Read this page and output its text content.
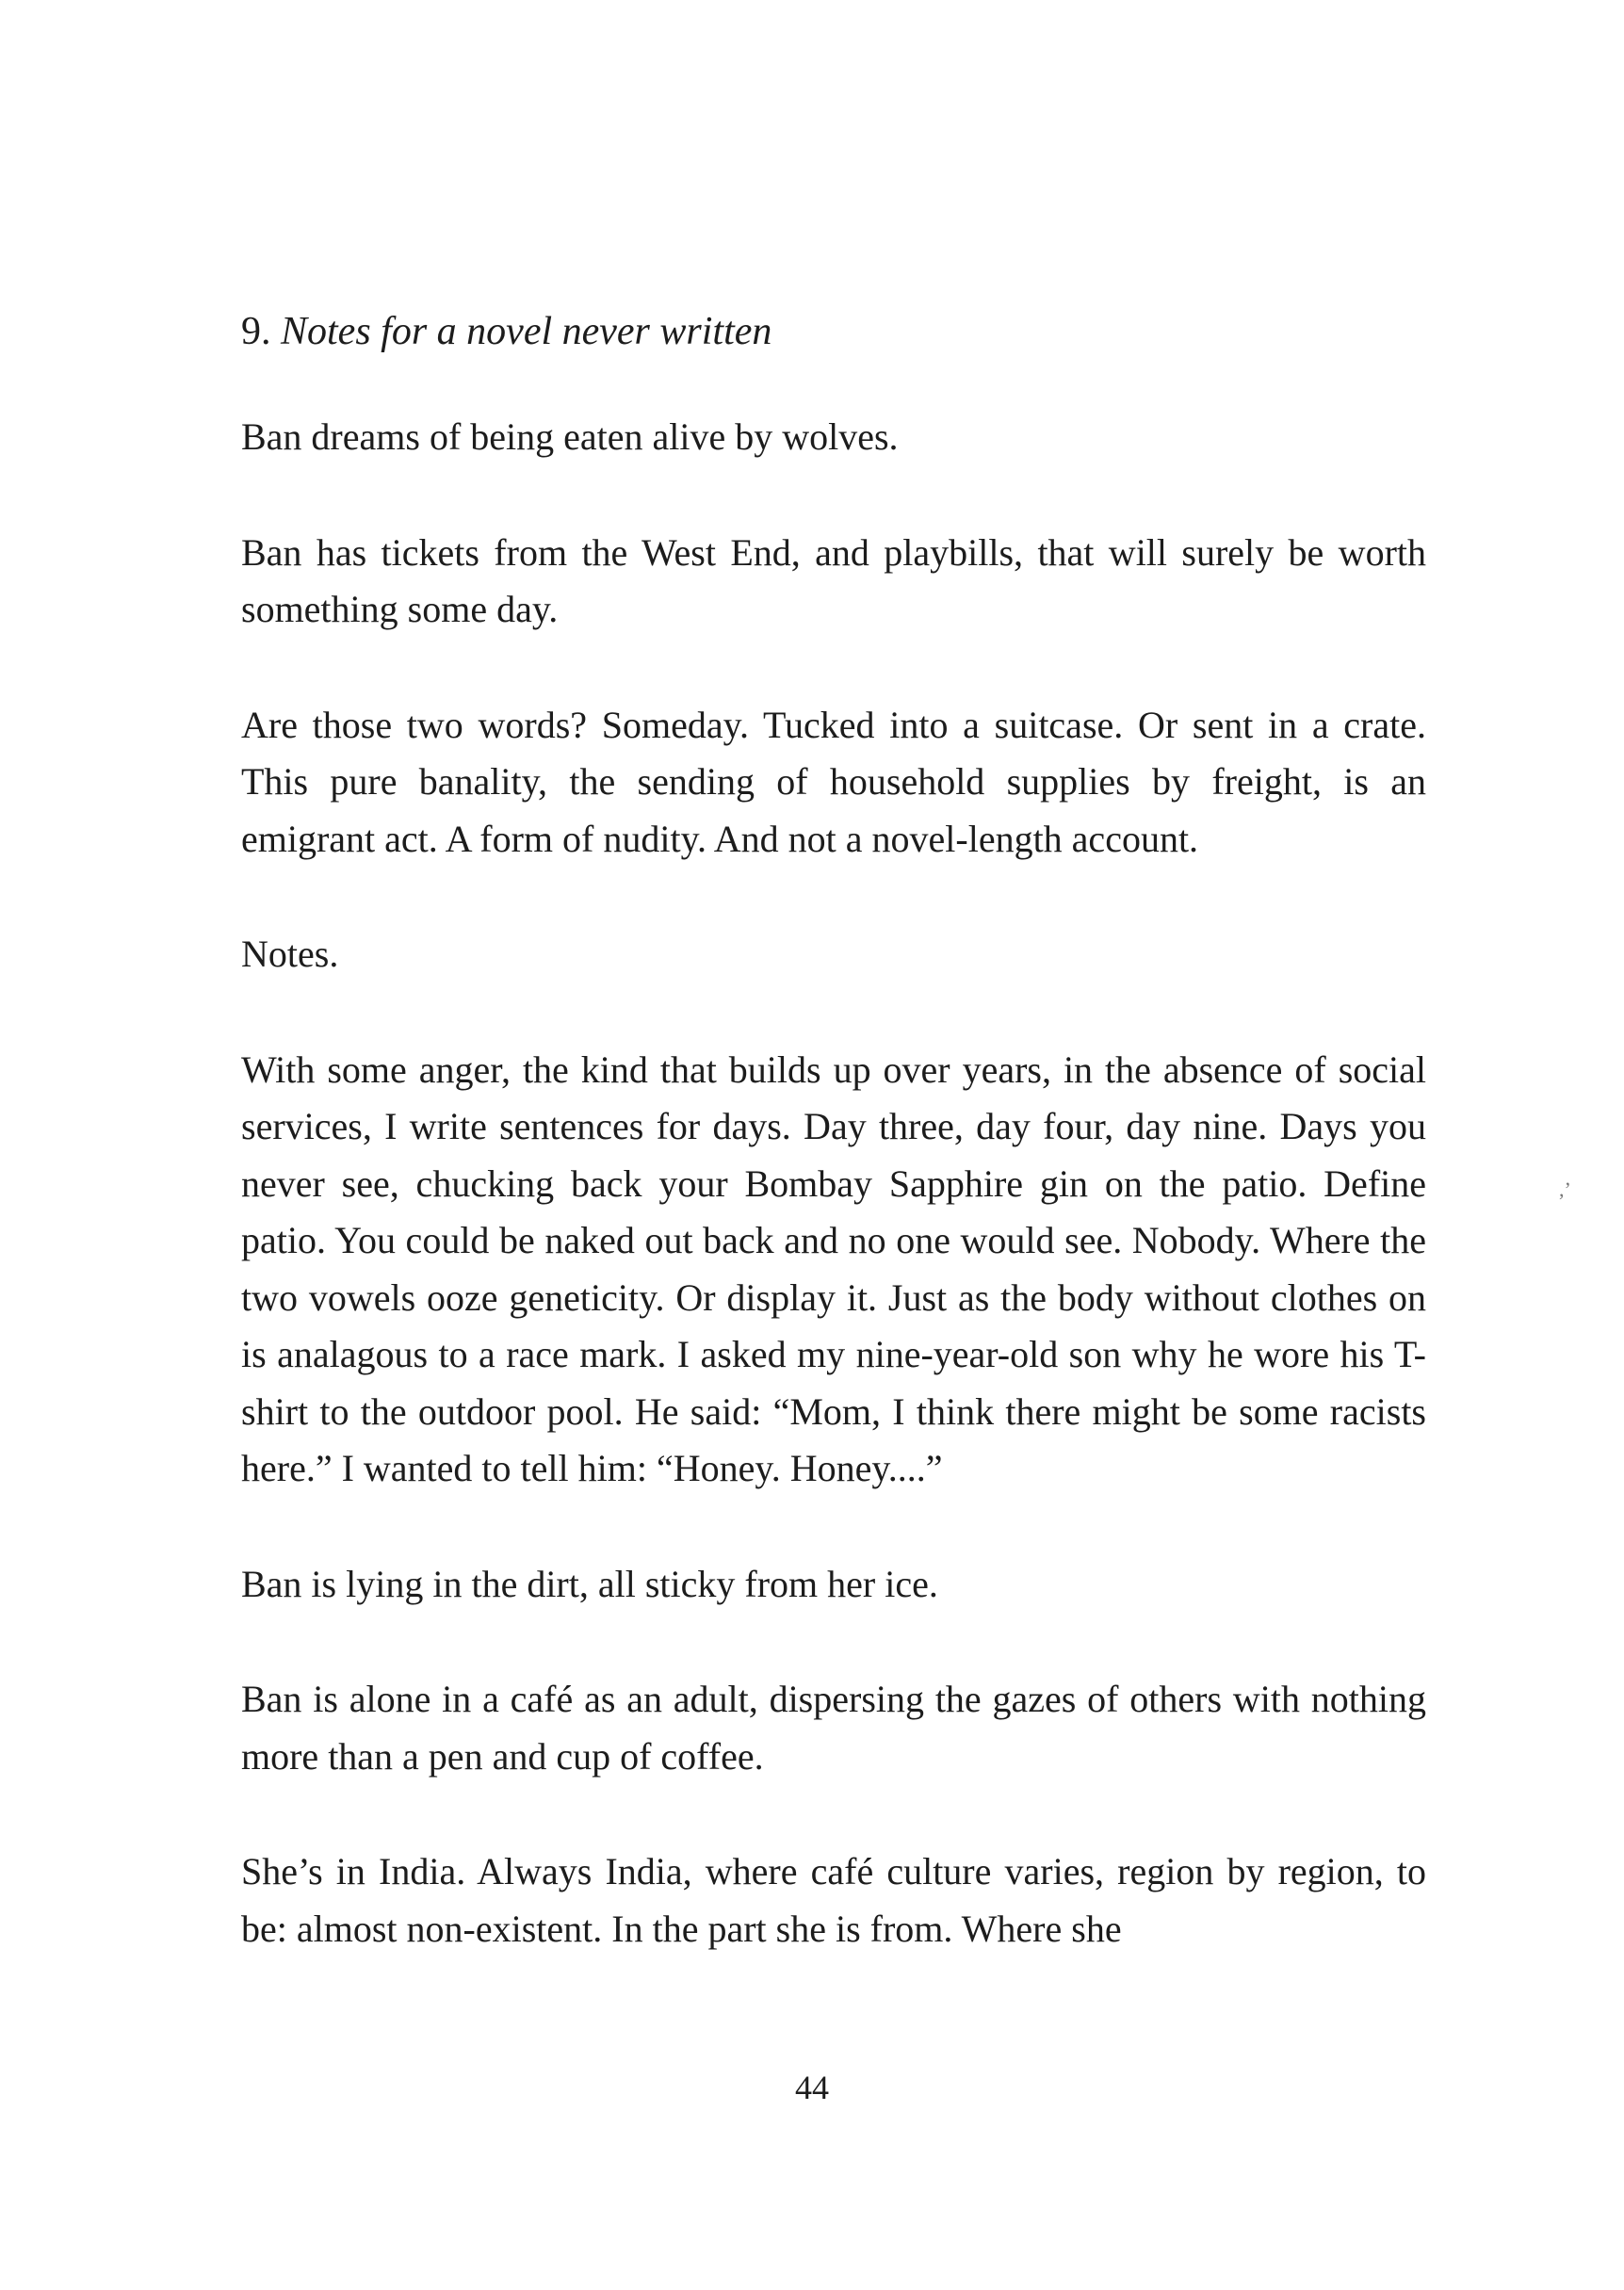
9. Notes for a novel never written

Ban dreams of being eaten alive by wolves.

Ban has tickets from the West End, and playbills, that will surely be worth something some day.

Are those two words? Someday. Tucked into a suitcase. Or sent in a crate. This pure banality, the sending of household supplies by freight, is an emigrant act. A form of nudity. And not a novel-length account.

Notes.

With some anger, the kind that builds up over years, in the absence of social services, I write sentences for days. Day three, day four, day nine. Days you never see, chucking back your Bombay Sapphire gin on the patio. Define patio. You could be naked out back and no one would see. Nobody. Where the two vowels ooze geneticity. Or display it. Just as the body without clothes on is analagous to a race mark. I asked my nine-year-old son why he wore his T-shirt to the outdoor pool. He said: “Mom, I think there might be some racists here.” I wanted to tell him: “Honey. Honey....”

Ban is lying in the dirt, all sticky from her ice.

Ban is alone in a café as an adult, dispersing the gazes of others with nothing more than a pen and cup of coffee.

She’s in India. Always India, where café culture varies, region by region, to be: almost non-existent. In the part she is from. Where she

,’
44
